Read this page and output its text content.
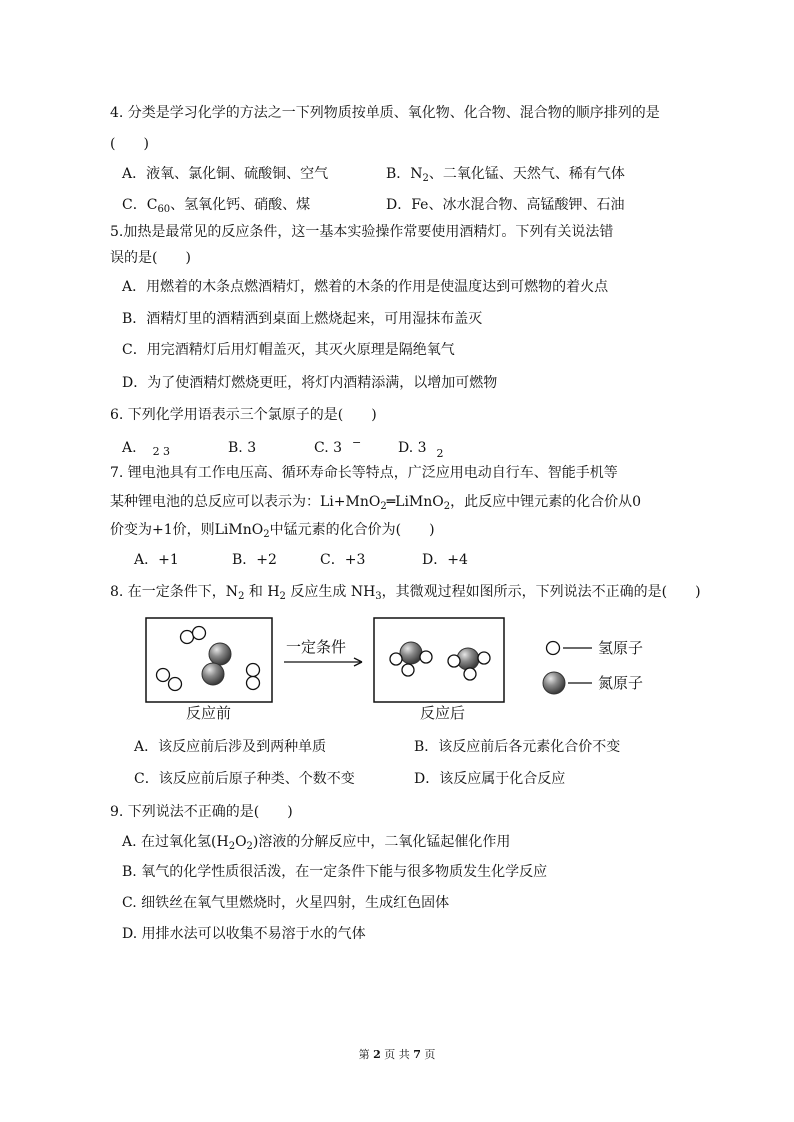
4. 分类是学习化学的方法之一下列物质按单质、氧化物、化合物、混合物的顺序排列的是
(　　)
A．液氧、氯化铜、硫酸铜、空气	B．$N_2$、二氧化锰、天然气、稀有气体
C．$C_{60}$、氢氧化钙、硝酸、煤	D．Fe、冰水混合物、高锰酸钾、石油
5.加热是最常见的反应条件，这一基本实验操作常要使用酒精灯。下列有关说法错
误的是(　　)
A．用燃着的木条点燃酒精灯，燃着的木条的作用是使温度达到可燃物的着火点
B．酒精灯里的酒精洒到桌面上燃烧起来，可用湿抹布盖灭
C．用完酒精灯后用灯帽盖灭，其灭火原理是隔绝氧气
D．为了使酒精灯燃烧更旺，将灯内酒精添满，以增加可燃物
6. 下列化学用语表示三个氯原子的是(　　)
A. $_{2 3}$	B. 3	C. 3 −	D. 3 $_2$
7. 锂电池具有工作电压高、循环寿命长等特点，广泛应用电动自行车、智能手机等
某种锂电池的总反应可以表示为：Li+MnO$_2$═LiMnO$_2$，此反应中锂元素的化合价从0
价变为+1价，则LiMnO$_2$中锰元素的化合价为(　　)
A．+1	B．+2	C．+3	D．+4
8. 在一定条件下，$N_2$ 和 $H_2$ 反应生成 $NH_3$，其微观过程如图所示，下列说法不正确的是(　　)
一定条件	氢原子
氮原子
反应前	反应后
A．该反应前后涉及到两种单质	B．该反应前后各元素化合价不变
C．该反应前后原子种类、个数不变	D．该反应属于化合反应
9. 下列说法不正确的是(　　)
A. 在过氧化氢$(H_2O_2)$溶液的分解反应中，二氧化锰起催化作用
B. 氧气的化学性质很活泼，在一定条件下能与很多物质发生化学反应
C. 细铁丝在氧气里燃烧时，火星四射，生成红色固体
D. 用排水法可以收集不易溶于水的气体
第 2 页 共 7 页
